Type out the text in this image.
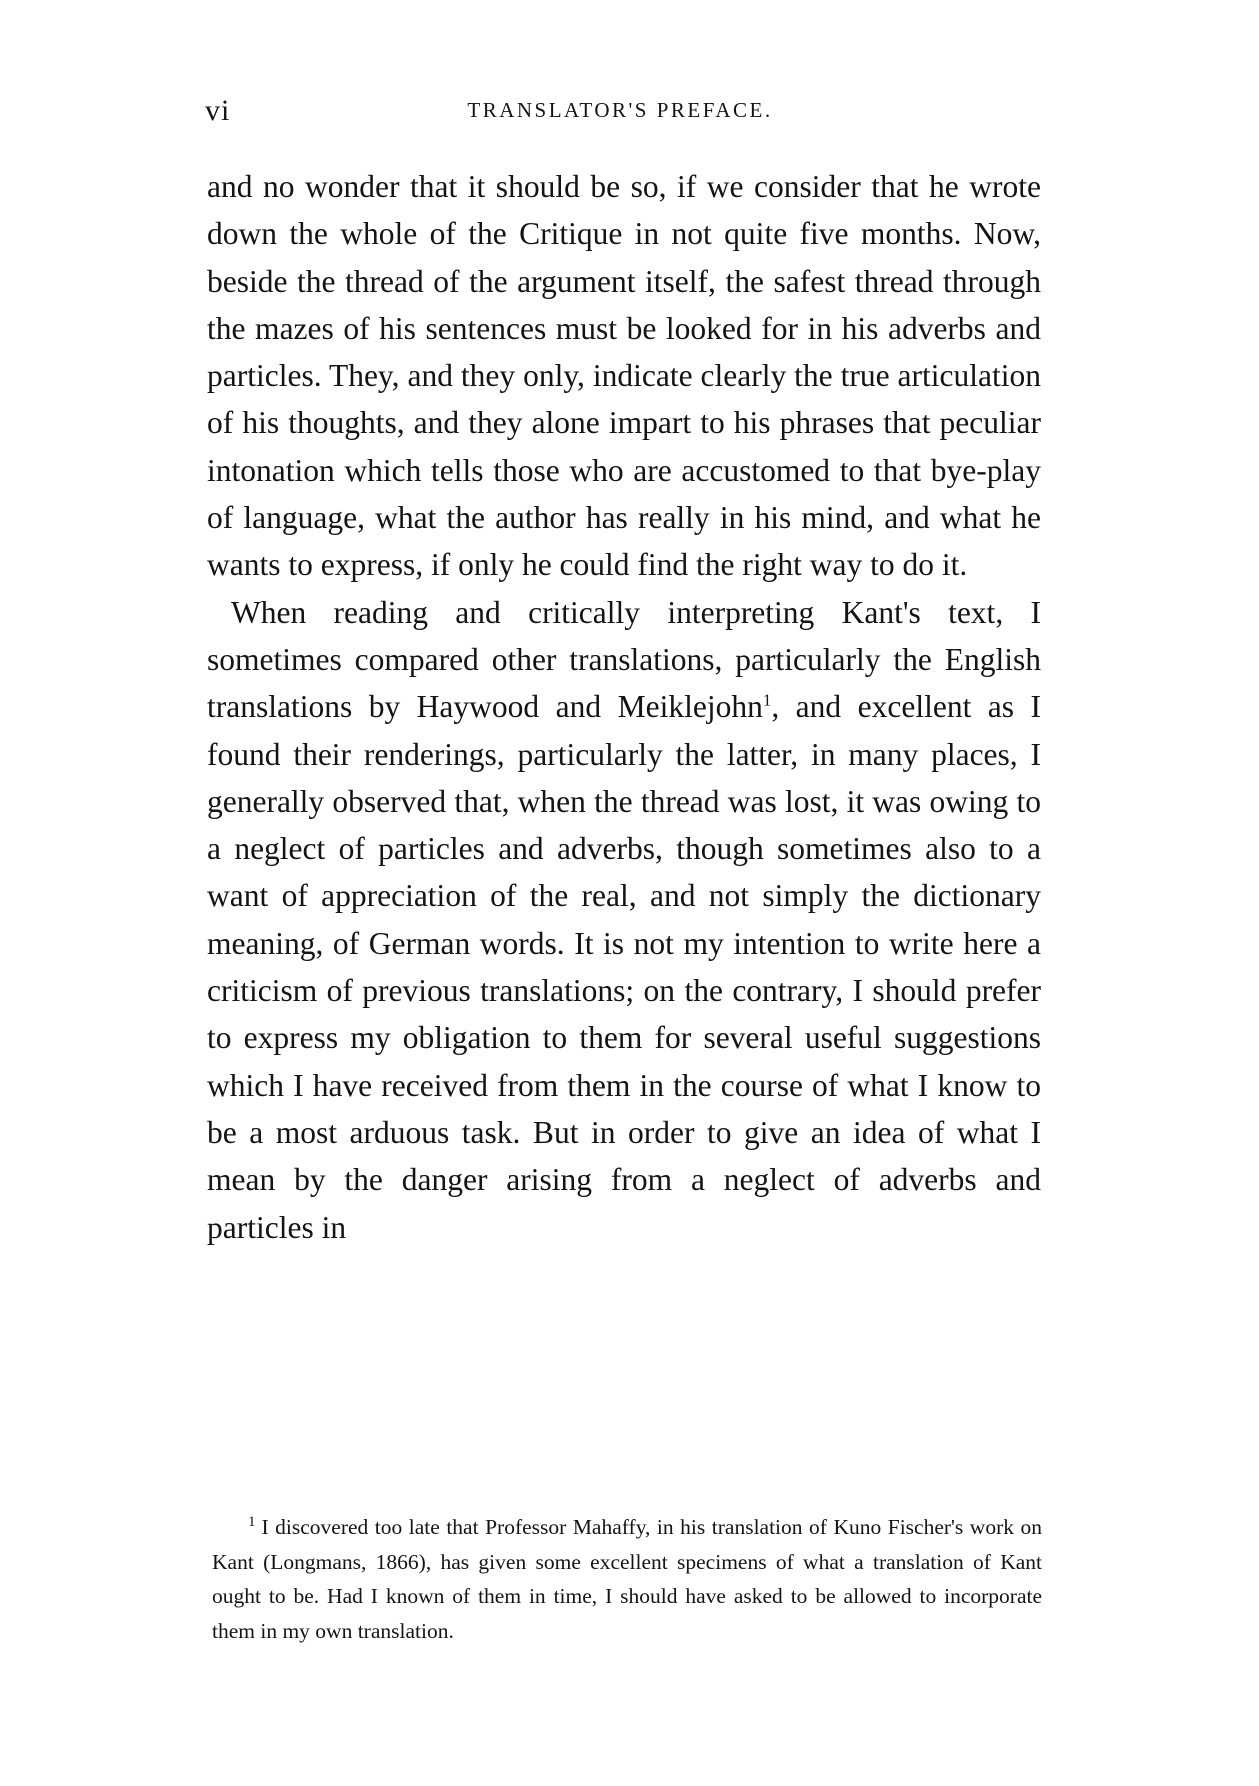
vi	TRANSLATOR'S PREFACE.

and no wonder that it should be so, if we consider that he wrote down the whole of the Critique in not quite five months. Now, beside the thread of the argument itself, the safest thread through the mazes of his sentences must be looked for in his adverbs and particles. They, and they only, indicate clearly the true articulation of his thoughts, and they alone impart to his phrases that peculiar intonation which tells those who are accustomed to that bye-play of language, what the author has really in his mind, and what he wants to express, if only he could find the right way to do it.

When reading and critically interpreting Kant's text, I sometimes compared other translations, particularly the English translations by Haywood and Meiklejohn$^1$, and excellent as I found their renderings, particularly the latter, in many places, I generally observed that, when the thread was lost, it was owing to a neglect of particles and adverbs, though sometimes also to a want of appreciation of the real, and not simply the dictionary meaning, of German words. It is not my intention to write here a criticism of previous translations; on the contrary, I should prefer to express my obligation to them for several useful suggestions which I have received from them in the course of what I know to be a most arduous task. But in order to give an idea of what I mean by the danger arising from a neglect of adverbs and particles in

$^1$ I discovered too late that Professor Mahaffy, in his translation of Kuno Fischer's work on Kant (Longmans, 1866), has given some excellent specimens of what a translation of Kant ought to be. Had I known of them in time, I should have asked to be allowed to incorporate them in my own translation.
